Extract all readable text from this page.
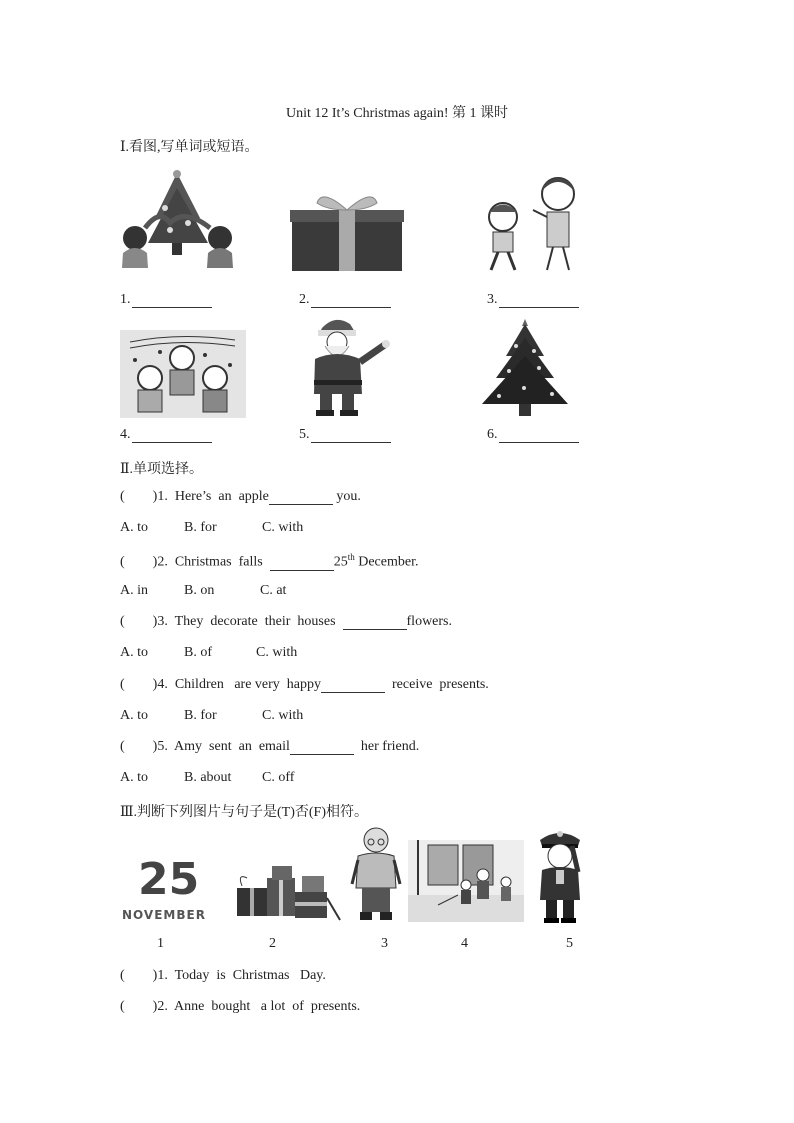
Unit 12 It’s Christmas again! 第 1 课时
Ⅰ.看图,写单词或短语。
1.	2.	3.
4.	5.	6.
Ⅱ.单项选择。
(        )1.  Here’s  an  apple	you.
A. to	B. for	C. with
(        )2.  Christmas  falls	25th December.
A. in	B. on	C. at
(        )3.  They  decorate  their  houses	flowers.
A. to	B. of	C. with
(        )4.  Children   are very  happy	receive  presents.
A. to	B. for	C. with
(        )5.  Amy  sent  an  email	her friend.
A. to	B. about C. off
Ⅲ.判断下列图片与句子是(T)否(F)相符。
25
NOVEMBER
1	2	3	4	5
(        )1.  Today  is  Christmas   Day.
(        )2.  Anne  bought   a lot  of  presents.
